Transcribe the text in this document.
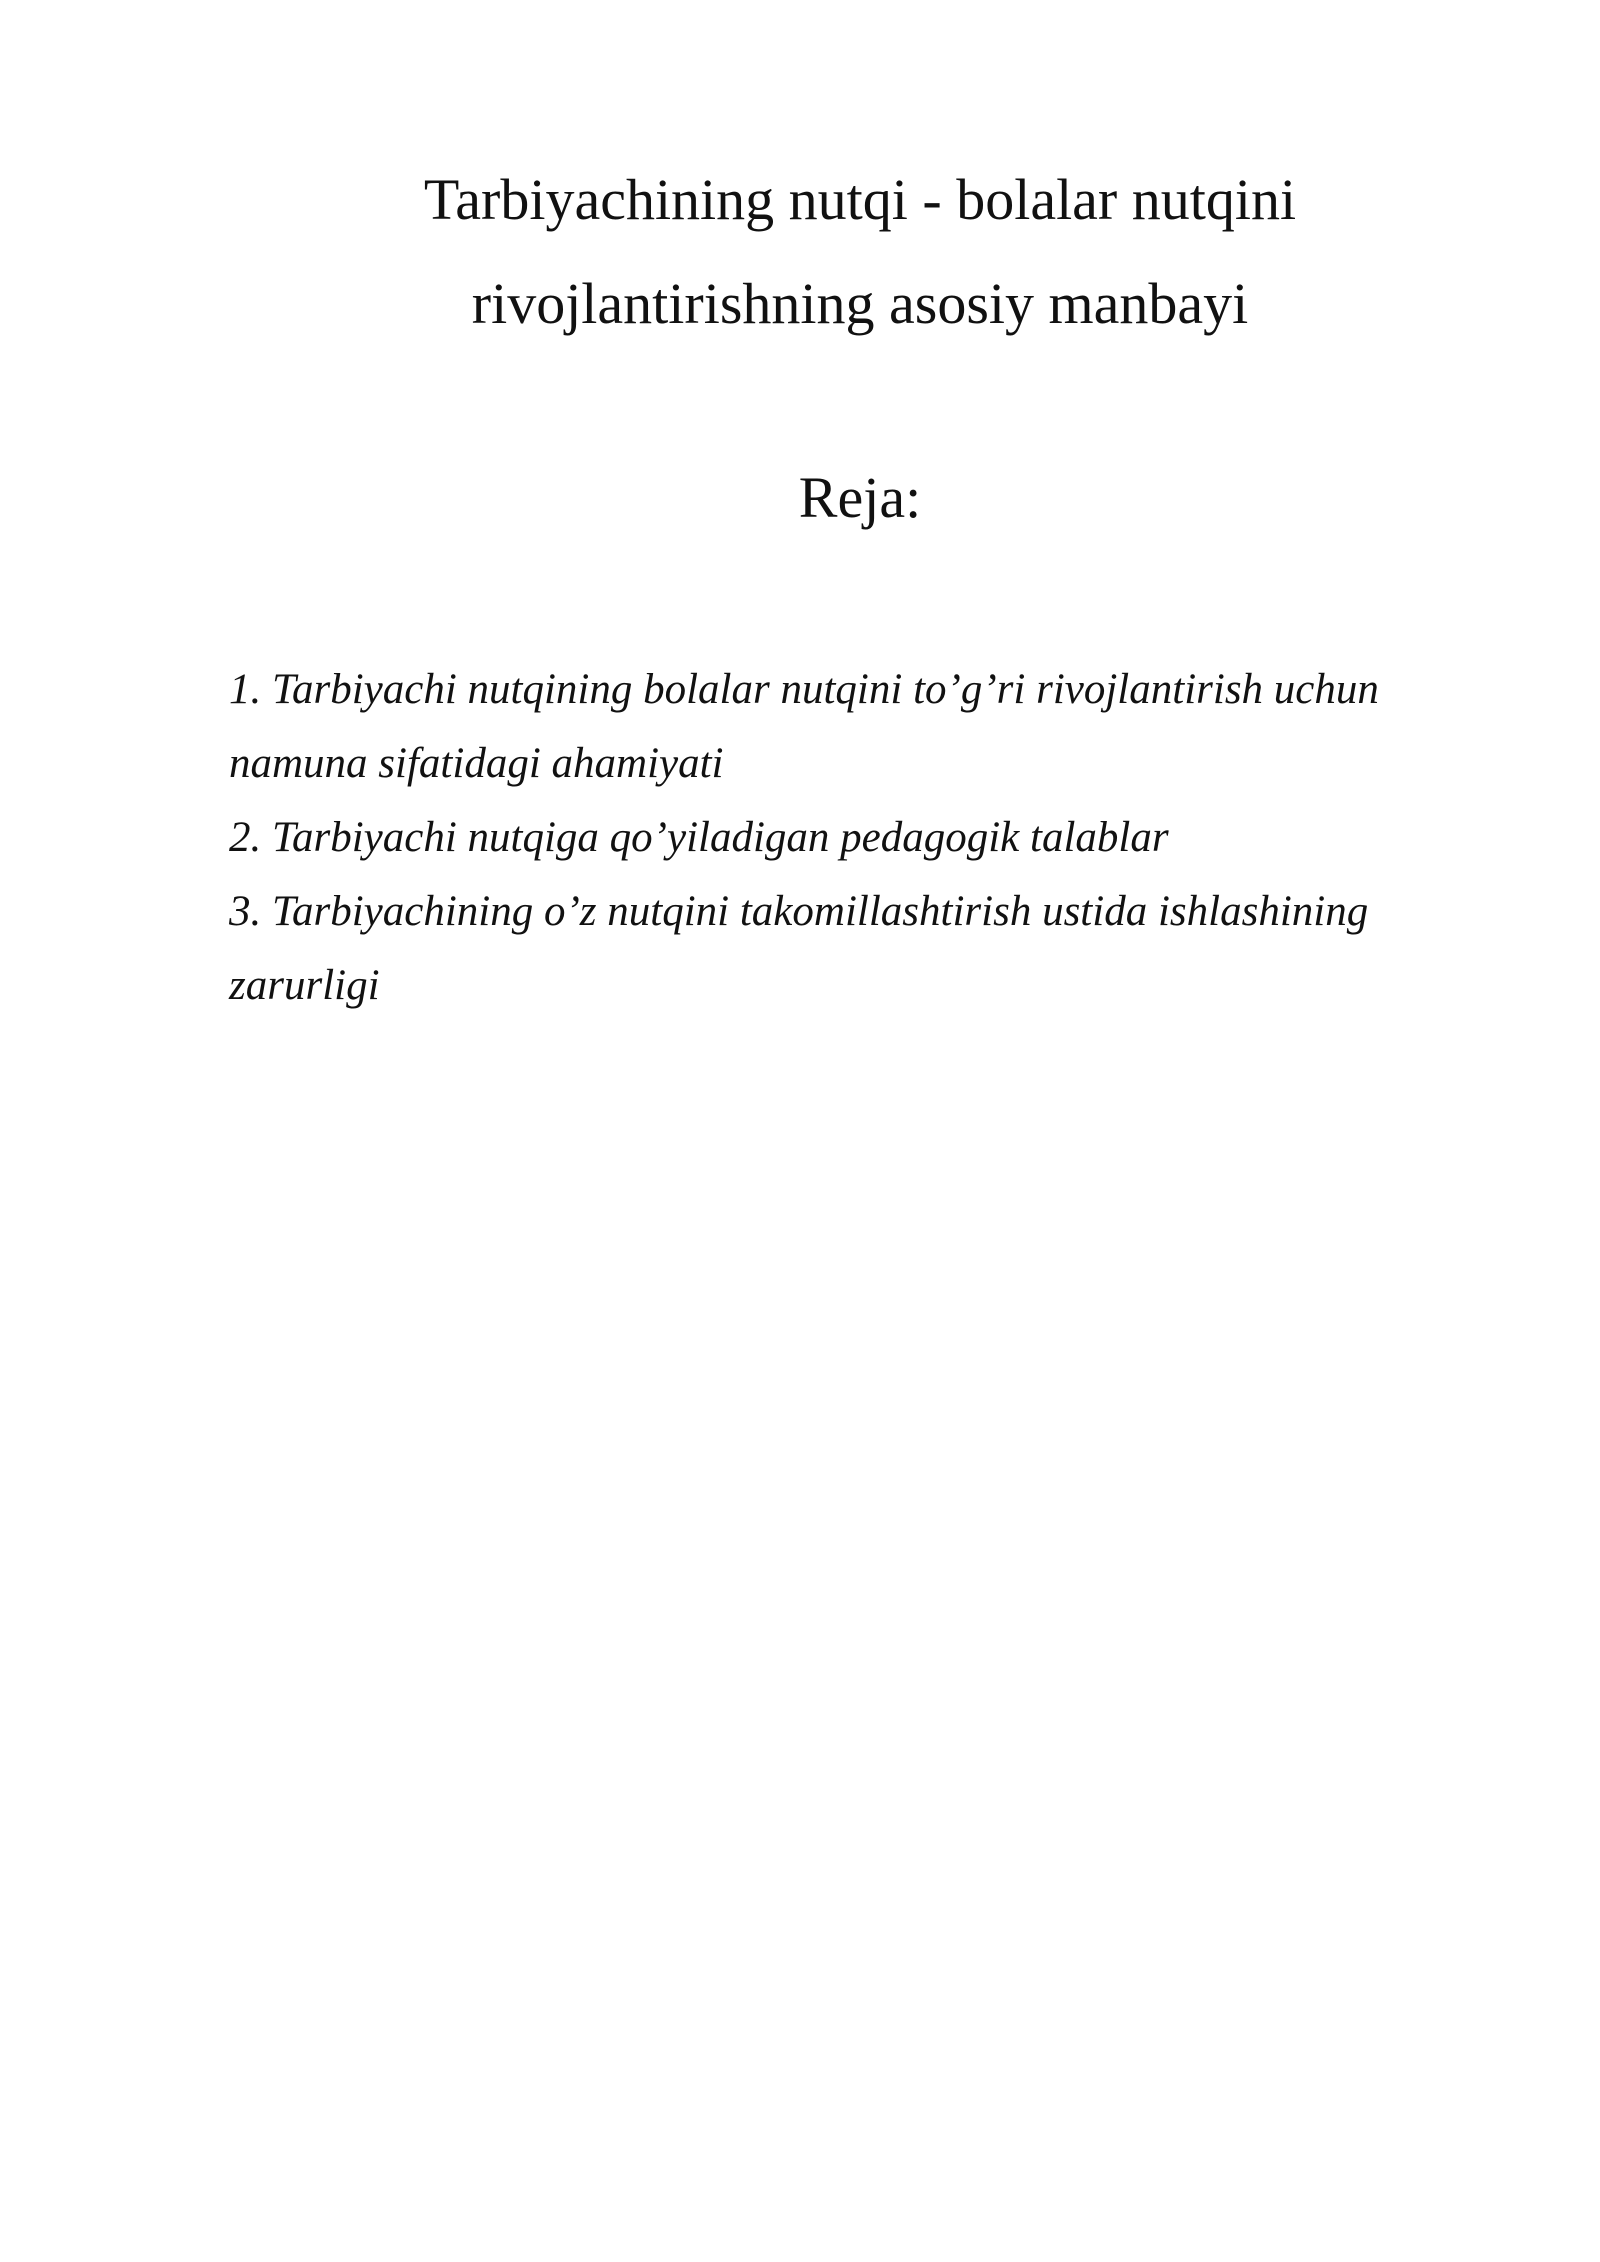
Tarbiyachining nutqi - bolalar nutqini
rivojlantirishning asosiy manbayi
Reja:
1. Tarbiyachi nutqining bolalar nutqini to’g’ri rivojlantirish uchun namuna sifatidagi ahamiyati
2. Tarbiyachi nutqiga qo’yiladigan pedagogik talablar
3. Tarbiyachining o’z nutqini takomillashtirish ustida ishlashining zarurligi
